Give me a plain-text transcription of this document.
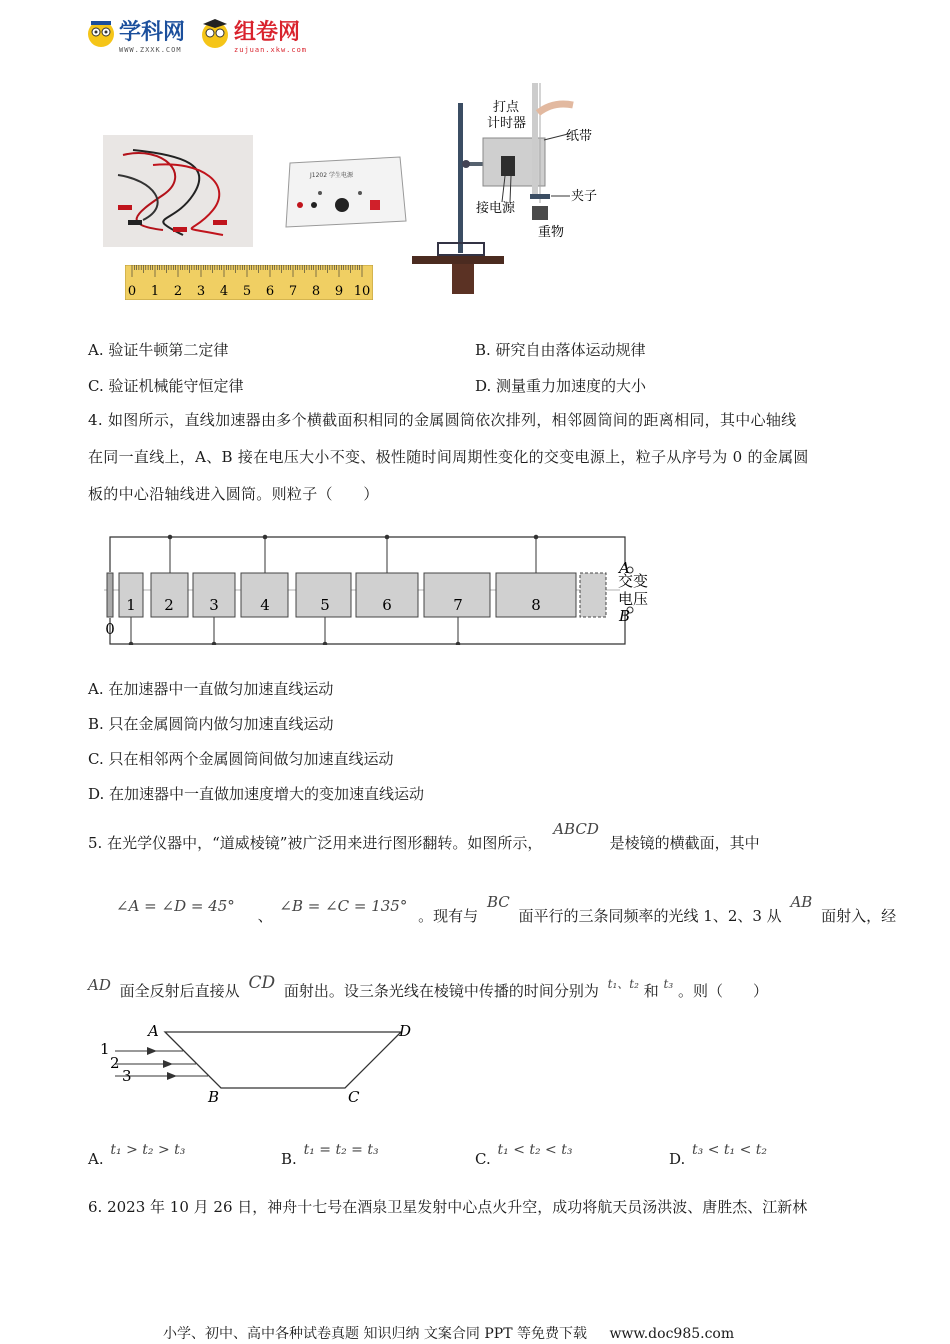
学科网
WWW.ZXXK.COM
组卷网
zujuan.xkw.com
J1202 学生电源
0 1 2 3 4 5 6 7 8 9 10
打点
计时器
纸带
夹子
接电源
重物
A. 验证牛顿第二定律	B. 研究自由落体运动规律
C. 验证机械能守恒定律	D. 测量重力加速度的大小
4. 如图所示，直线加速器由多个横截面积相同的金属圆筒依次排列，相邻圆筒间的距离相同，其中心轴线
在同一直线上，A、B 接在电压大小不变、极性随时间周期性变化的交变电源上，粒子从序号为 0 的金属圆
板的中心沿轴线进入圆筒。则粒子（　　）
1 2 3	4	5	6	7	8
0
A
B
交变
电压
A. 在加速器中一直做匀加速直线运动
B. 只在金属圆筒内做匀加速直线运动
C. 只在相邻两个金属圆筒间做匀加速直线运动
D. 在加速器中一直做加速度增大的变加速直线运动
5. 在光学仪器中，“道威棱镜”被广泛用来进行图形翻转。如图所示， ABCD 是棱镜的横截面，其中
∠A = ∠D = 45° 、 ∠B = ∠C = 135° 。现有与 BC 面平行的三条同频率的光线 1、2、3 从 AB 面射入，经
AD 面全反射后直接从 CD 面射出。设三条光线在棱镜中传播的时间分别为 $^{t_1、t_2}$ 和 $^{t_3}$ 。则（　　）
A
B	C
D
1
2
3
A. t₁ > t₂ > t₃	B. t₁ = t₂ = t₃	C. t₁ < t₂ < t₃	D. t₃ < t₁ < t₂
6. 2023 年 10 月 26 日，神舟十七号在酒泉卫星发射中心点火升空，成功将航天员汤洪波、唐胜杰、江新林
小学、初中、高中各种试卷真题 知识归纳 文案合同 PPT 等免费下载 www.doc985.com
